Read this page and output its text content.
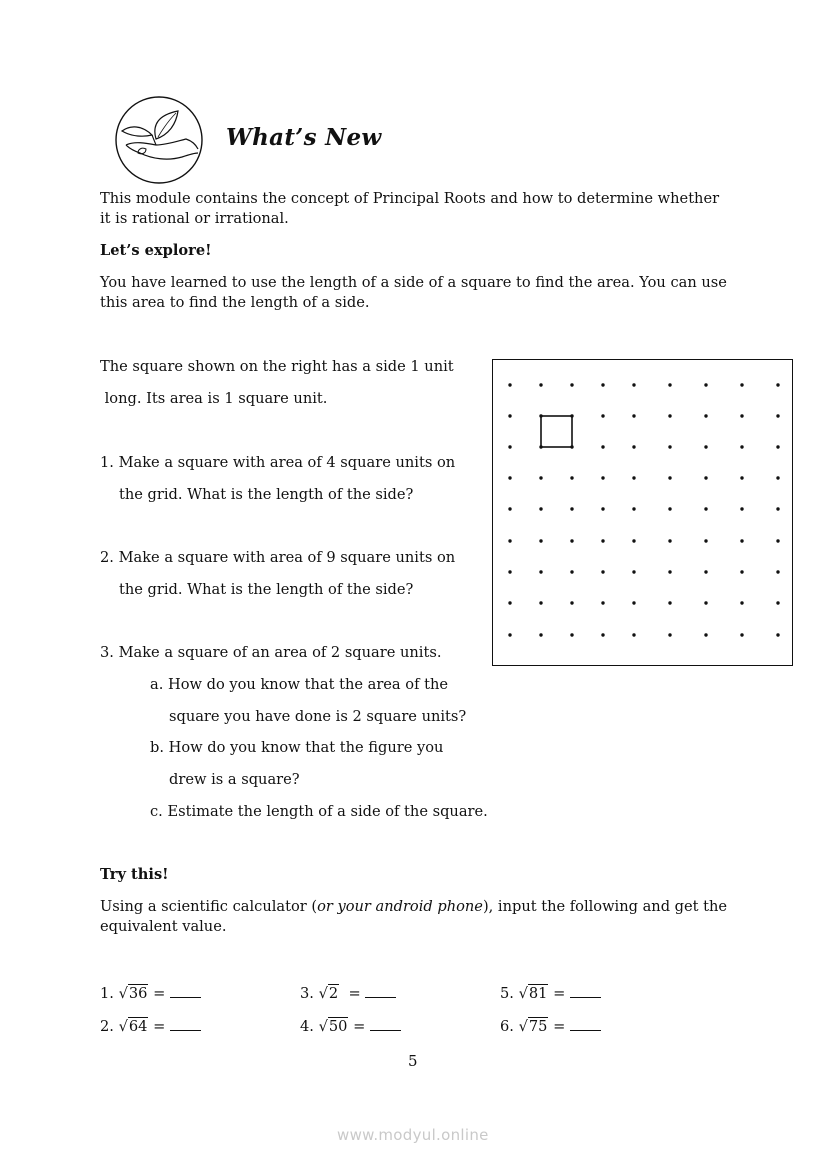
What’s New
This module contains the concept of Principal Roots and how to determine whether
it is rational or irrational.
Let’s explore!
You have learned to use the length of a side of a square to find the area. You can use
this area to find the length of a side.
The square shown on the right has a side 1 unit
long. Its area is 1 square unit.
1. Make a square with area of 4 square units on
the grid. What is the length of the side?
2. Make a square with area of 9 square units on
the grid. What is the length of the side?
3. Make a square of an area of 2 square units.
a. How do you know that the area of the
square you have done is 2 square units?
b. How do you know that the figure you
drew is a square?
c. Estimate the length of a side of the square.
Try this!
Using a scientific calculator (or your android phone), input the following and get the
equivalent value.
1. √36 =
2. √64 =
3. √2  =
4. √50 =
5. √81 =
6. √75 =
5
www.modyul.online
